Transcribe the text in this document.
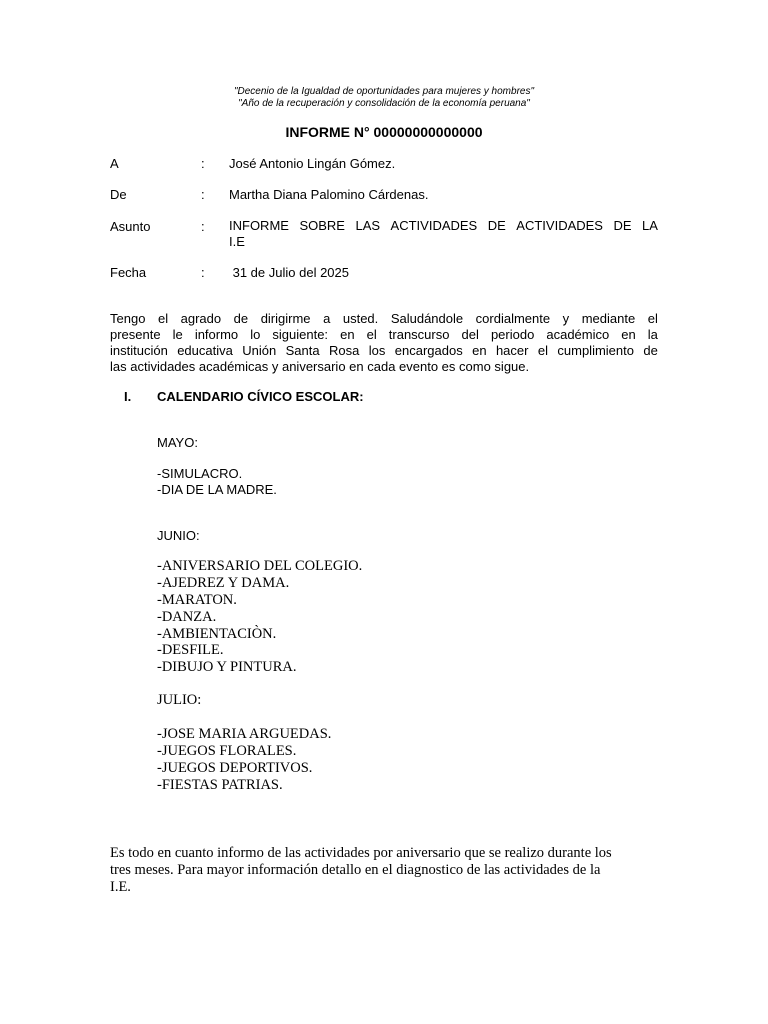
"Decenio de la Igualdad de oportunidades para mujeres y hombres"
"Año de la recuperación y consolidación de la economía peruana"
INFORME N° 00000000000000
A	: José Antonio Lingán Gómez.
De	: Martha Diana Palomino Cárdenas.
Asunto	: INFORME SOBRE LAS ACTIVIDADES DE ACTIVIDADES DE LA
I.E
Fecha	: 31 de Julio del 2025
Tengo el agrado de dirigirme a usted. Saludándole cordialmente y mediante el
presente le informo lo siguiente: en el transcurso del periodo académico en la
institución educativa Unión Santa Rosa los encargados en hacer el cumplimiento de
las actividades académicas y aniversario en cada evento es como sigue.
I. CALENDARIO CÍVICO ESCOLAR:
MAYO:
-SIMULACRO.
-DIA DE LA MADRE.
JUNIO:
-ANIVERSARIO DEL COLEGIO.
-AJEDREZ Y DAMA.
-MARATON.
-DANZA.
-AMBIENTACIÒN.
-DESFILE.
-DIBUJO Y PINTURA.
JULIO:
-JOSE MARIA ARGUEDAS.
-JUEGOS FLORALES.
-JUEGOS DEPORTIVOS.
-FIESTAS PATRIAS.
Es todo en cuanto informo de las actividades por aniversario que se realizo durante los
tres meses. Para mayor información detallo en el diagnostico de las actividades de la
I.E.
